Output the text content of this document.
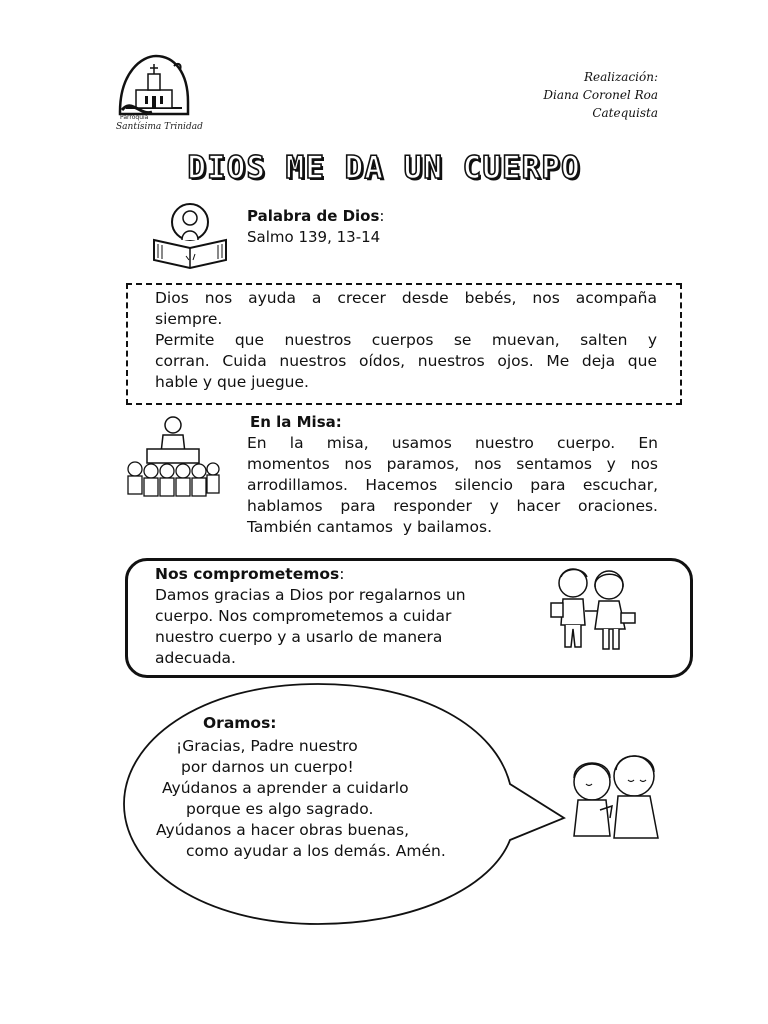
Parroquia
Santísima Trinidad
Realización:
Diana Coronel Roa
Catequista
DIOS ME DA UN CUERPO
Palabra de Dios:
Salmo 139, 13-14
Dios nos ayuda a crecer desde bebés, nos acompaña
siempre.
Permite que nuestros cuerpos se muevan, salten y
corran. Cuida nuestros oídos, nuestros ojos. Me deja que
hable y que juegue.
En la Misa:
En la misa, usamos nuestro cuerpo. En
momentos nos paramos, nos sentamos y nos
arrodillamos. Hacemos silencio para escuchar,
hablamos para responder y hacer oraciones.
También cantamos  y bailamos.
Nos comprometemos:
Damos gracias a Dios por regalarnos un
cuerpo. Nos comprometemos a cuidar
nuestro cuerpo y a usarlo de manera
adecuada.
Oramos:
¡Gracias, Padre nuestro
por darnos un cuerpo!
Ayúdanos a aprender a cuidarlo
porque es algo sagrado.
Ayúdanos a hacer obras buenas,
como ayudar a los demás. Amén.
